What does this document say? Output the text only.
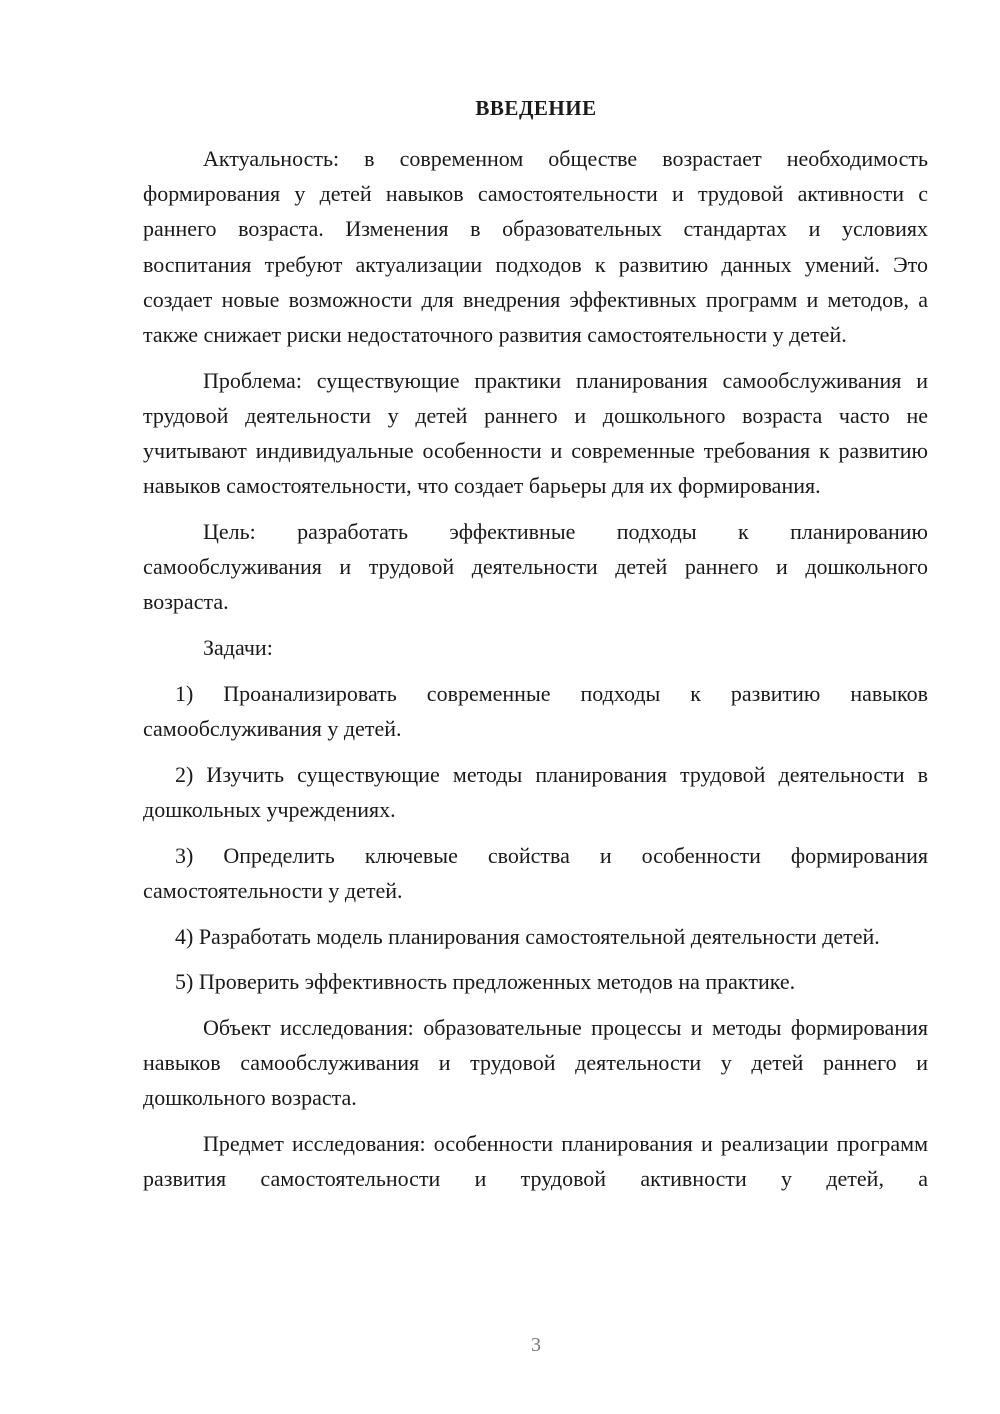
ВВЕДЕНИЕ

Актуальность: в современном обществе возрастает необходимость формирования у детей навыков самостоятельности и трудовой активности с раннего возраста. Изменения в образовательных стандартах и условиях воспитания требуют актуализации подходов к развитию данных умений. Это создает новые возможности для внедрения эффективных программ и методов, а также снижает риски недостаточного развития самостоятельности у детей.

Проблема: существующие практики планирования самообслуживания и трудовой деятельности у детей раннего и дошкольного возраста часто не учитывают индивидуальные особенности и современные требования к развитию навыков самостоятельности, что создает барьеры для их формирования.

Цель: разработать эффективные подходы к планированию самообслуживания и трудовой деятельности детей раннего и дошкольного возраста.

Задачи:

1) Проанализировать современные подходы к развитию навыков самообслуживания у детей.

2) Изучить существующие методы планирования трудовой деятельности в дошкольных учреждениях.

3) Определить ключевые свойства и особенности формирования самостоятельности у детей.

4) Разработать модель планирования самостоятельной деятельности детей.

5) Проверить эффективность предложенных методов на практике.

Объект исследования: образовательные процессы и методы формирования навыков самообслуживания и трудовой деятельности у детей раннего и дошкольного возраста.

Предмет исследования: особенности планирования и реализации программ развития самостоятельности и трудовой активности у детей, а

3
